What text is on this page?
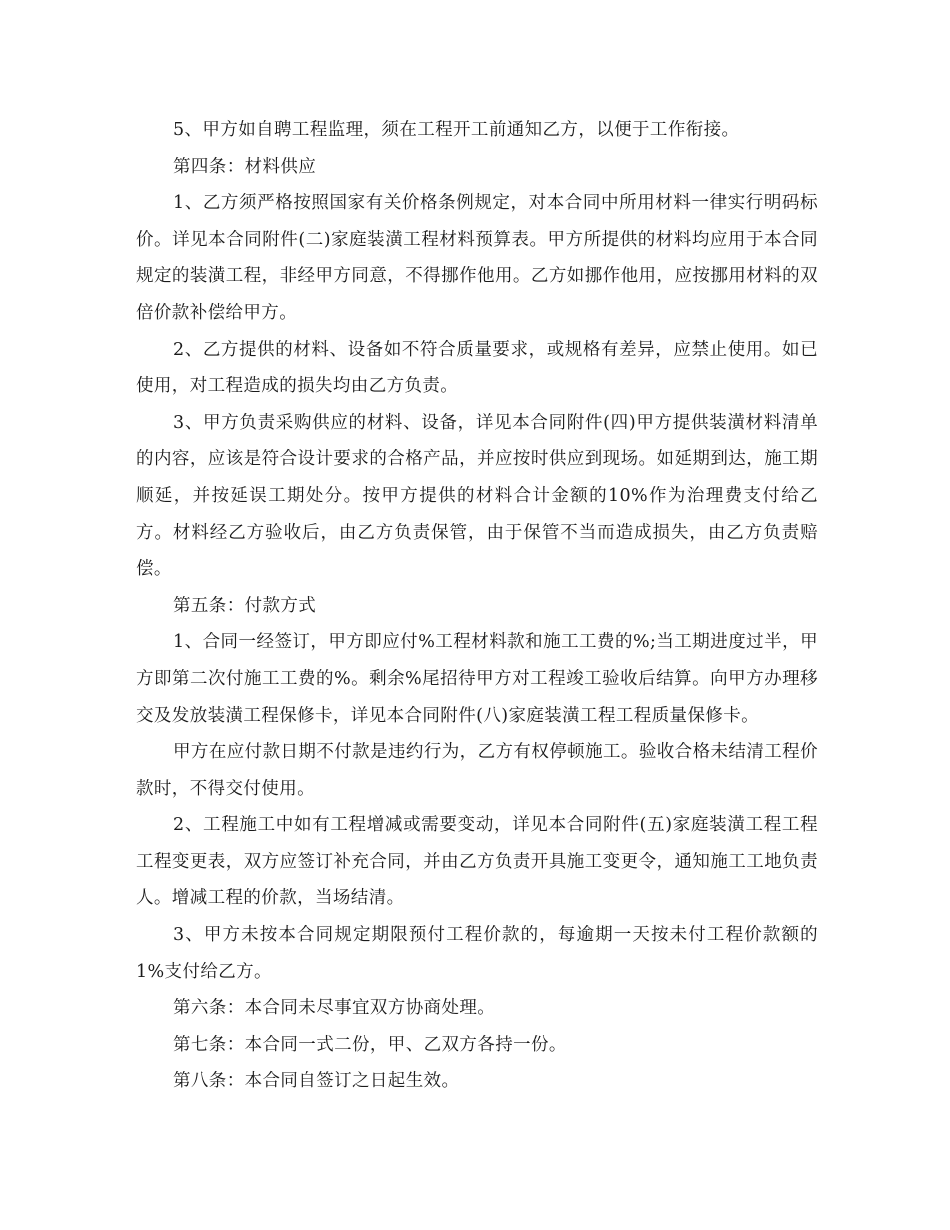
5、甲方如自聘工程监理，须在工程开工前通知乙方，以便于工作衔接。

第四条：材料供应

1、乙方须严格按照国家有关价格条例规定，对本合同中所用材料一律实行明码标价。详见本合同附件(二)家庭装潢工程材料预算表。甲方所提供的材料均应用于本合同规定的装潢工程，非经甲方同意，不得挪作他用。乙方如挪作他用，应按挪用材料的双倍价款补偿给甲方。

2、乙方提供的材料、设备如不符合质量要求，或规格有差异，应禁止使用。如已使用，对工程造成的损失均由乙方负责。

3、甲方负责采购供应的材料、设备，详见本合同附件(四)甲方提供装潢材料清单的内容，应该是符合设计要求的合格产品，并应按时供应到现场。如延期到达，施工期顺延，并按延误工期处分。按甲方提供的材料合计金额的10%作为治理费支付给乙方。材料经乙方验收后，由乙方负责保管，由于保管不当而造成损失，由乙方负责赔偿。

第五条：付款方式

1、合同一经签订，甲方即应付%工程材料款和施工工费的%;当工期进度过半，甲方即第二次付施工工费的%。剩余%尾招待甲方对工程竣工验收后结算。向甲方办理移交及发放装潢工程保修卡，详见本合同附件(八)家庭装潢工程工程质量保修卡。

甲方在应付款日期不付款是违约行为，乙方有权停顿施工。验收合格未结清工程价款时，不得交付使用。

2、工程施工中如有工程增减或需要变动，详见本合同附件(五)家庭装潢工程工程工程变更表，双方应签订补充合同，并由乙方负责开具施工变更令，通知施工工地负责人。增减工程的价款，当场结清。

3、甲方未按本合同规定期限预付工程价款的，每逾期一天按未付工程价款额的1%支付给乙方。

第六条：本合同未尽事宜双方协商处理。

第七条：本合同一式二份，甲、乙双方各持一份。

第八条：本合同自签订之日起生效。
